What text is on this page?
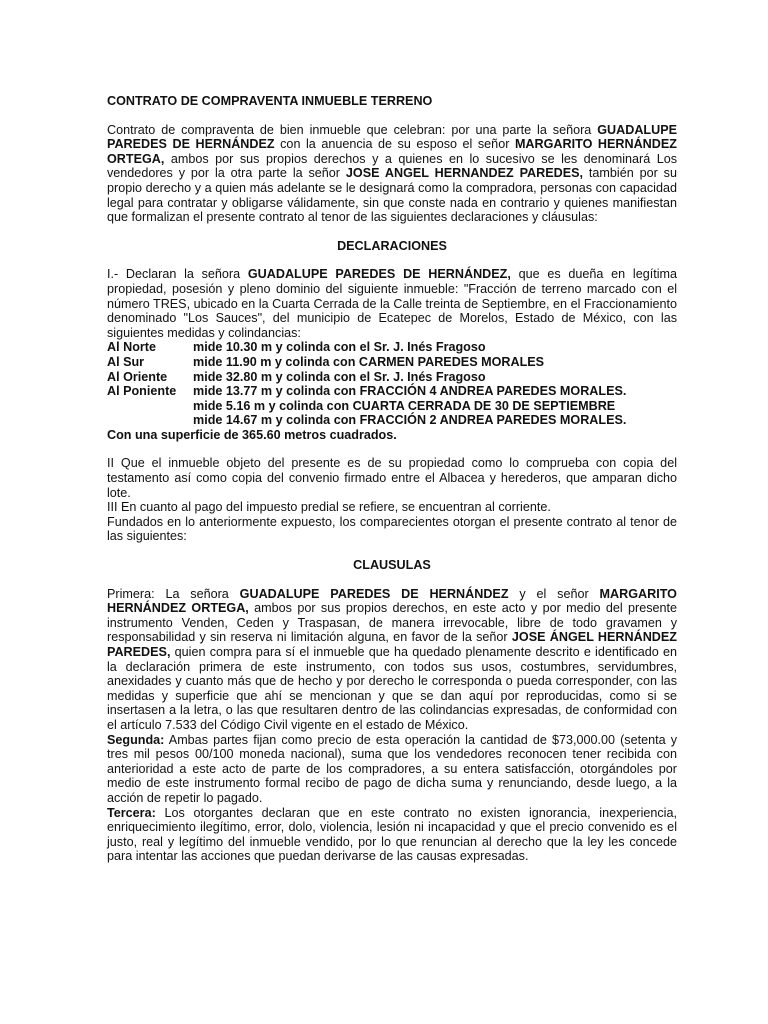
CONTRATO DE COMPRAVENTA INMUEBLE TERRENO

Contrato de compraventa de bien inmueble que celebran: por una parte la señora GUADALUPE PAREDES DE HERNÁNDEZ con la anuencia de su esposo el señor MARGARITO HERNÁNDEZ ORTEGA, ambos por sus propios derechos y a quienes en lo sucesivo se les denominará Los vendedores y por la otra parte la señor JOSE ANGEL HERNANDEZ PAREDES, también por su propio derecho y a quien más adelante se le designará como la compradora, personas con capacidad legal para contratar y obligarse válidamente, sin que conste nada en contrario y quienes manifiestan que formalizan el presente contrato al tenor de las siguientes declaraciones y cláusulas:

DECLARACIONES

I.- Declaran la señora GUADALUPE PAREDES DE HERNÁNDEZ, que es dueña en legítima propiedad, posesión y pleno dominio del siguiente inmueble: "Fracción de terreno marcado con el número TRES, ubicado en la Cuarta Cerrada de la Calle treinta de Septiembre, en el Fraccionamiento denominado "Los Sauces", del municipio de Ecatepec de Morelos, Estado de México, con las siguientes medidas y colindancias:

Al Norte	mide 10.30 m y colinda con el Sr. J. Inés Fragoso
Al Sur	mide 11.90 m y colinda con CARMEN PAREDES MORALES
Al Oriente	mide 32.80 m y colinda con el Sr. J. Inés Fragoso
Al Poniente	mide 13.77 m y colinda con FRACCIÓN 4 ANDREA PAREDES MORALES.
mide 5.16 m y colinda con CUARTA CERRADA DE 30 DE SEPTIEMBRE
mide 14.67 m y colinda con FRACCIÓN 2 ANDREA PAREDES MORALES.

Con una superficie de 365.60 metros cuadrados.

II Que el inmueble objeto del presente es de su propiedad como lo comprueba con copia del testamento así como copia del convenio firmado entre el Albacea y herederos, que amparan dicho lote.

III En cuanto al pago del impuesto predial se refiere, se encuentran al corriente.

Fundados en lo anteriormente expuesto, los comparecientes otorgan el presente contrato al tenor de las siguientes:

CLAUSULAS

Primera: La señora GUADALUPE PAREDES DE HERNÁNDEZ y el señor MARGARITO HERNÁNDEZ ORTEGA, ambos por sus propios derechos, en este acto y por medio del presente instrumento Venden, Ceden y Traspasan, de manera irrevocable, libre de todo gravamen y responsabilidad y sin reserva ni limitación alguna, en favor de la señor JOSE ÁNGEL HERNÁNDEZ PAREDES, quien compra para sí el inmueble que ha quedado plenamente descrito e identificado en la declaración primera de este instrumento, con todos sus usos, costumbres, servidumbres, anexidades y cuanto más que de hecho y por derecho le corresponda o pueda corresponder, con las medidas y superficie que ahí se mencionan y que se dan aquí por reproducidas, como si se insertasen a la letra, o las que resultaren dentro de las colindancias expresadas, de conformidad con el artículo 7.533 del Código Civil vigente en el estado de México.

Segunda: Ambas partes fijan como precio de esta operación la cantidad de $73,000.00 (setenta y tres mil pesos 00/100 moneda nacional), suma que los vendedores reconocen tener recibida con anterioridad a este acto de parte de los compradores, a su entera satisfacción, otorgándoles por medio de este instrumento formal recibo de pago de dicha suma y renunciando, desde luego, a la acción de repetir lo pagado.

Tercera: Los otorgantes declaran que en este contrato no existen ignorancia, inexperiencia, enriquecimiento ilegítimo, error, dolo, violencia, lesión ni incapacidad y que el precio convenido es el justo, real y legítimo del inmueble vendido, por lo que renuncian al derecho que la ley les concede para intentar las acciones que puedan derivarse de las causas expresadas.
